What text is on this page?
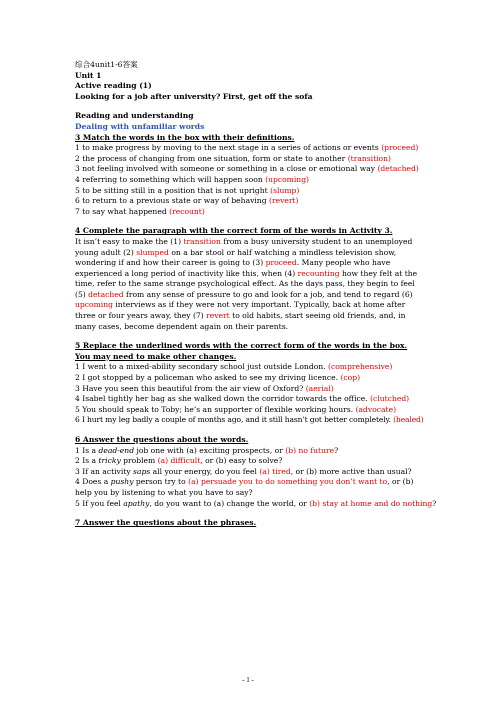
综合4unit1-6答案
Unit 1
Active reading (1)
Looking for a job after university? First, get off the sofa
Reading and understanding
Dealing with unfamiliar words
3 Match the words in the box with their definitions.
1 to make progress by moving to the next stage in a series of actions or events (proceed)
2 the process of changing from one situation, form or state to another (transition)
3 not feeling involved with someone or something in a close or emotional way (detached)
4 referring to something which will happen soon (upcoming)
5 to be sitting still in a position that is not upright (slump)
6 to return to a previous state or way of behaving (revert)
7 to say what happened (recount)
4 Complete the paragraph with the correct form of the words in Activity 3.
It isn’t easy to make the (1) transition from a busy university student to an unemployed young adult (2) slumped on a bar stool or half watching a mindless television show, wondering if and how their career is going to (3) proceed. Many people who have experienced a long period of inactivity like this, when (4) recounting how they felt at the time, refer to the same strange psychological effect. As the days pass, they begin to feel (5) detached from any sense of pressure to go and look for a job, and tend to regard (6) upcoming interviews as if they were not very important. Typically, back at home after three or four years away, they (7) revert to old habits, start seeing old friends, and, in many cases, become dependent again on their parents.
5 Replace the underlined words with the correct form of the words in the box. You may need to make other changes.
1 I went to a mixed-ability secondary school just outside London. (comprehensive)
2 I got stopped by a policeman who asked to see my driving licence. (cop)
3 Have you seen this beautiful from the air view of Oxford? (aerial)
4 Isabel tightly her bag as she walked down the corridor towards the office. (clutched)
5 You should speak to Toby; he’s an supporter of flexible working hours. (advocate)
6 I hurt my leg badly a couple of months ago, and it still hasn’t got better completely. (healed)
6 Answer the questions about the words.
1 Is a dead-end job one with (a) exciting prospects, or (b) no future?
2 Is a tricky problem (a) difficult, or (b) easy to solve?
3 If an activity saps all your energy, do you feel (a) tired, or (b) more active than usual?
4 Does a pushy person try to (a) persuade you to do something you don’t want to, or (b) help you by listening to what you have to say?
5 If you feel apathy, do you want to (a) change the world, or (b) stay at home and do nothing?
7 Answer the questions about the phrases.
- 1 -
